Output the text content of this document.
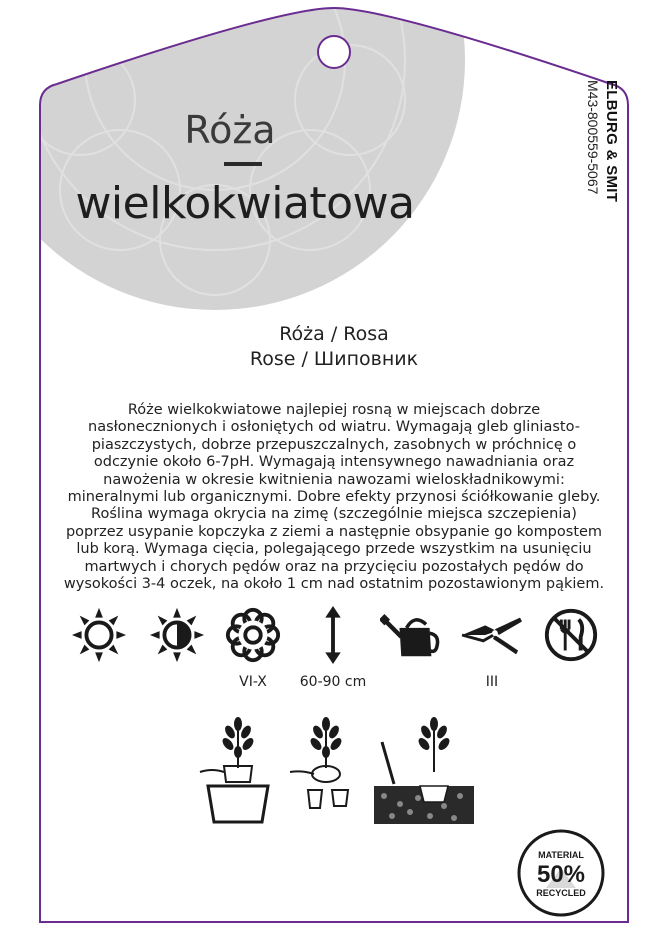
Róża
wielkokwiatowa
ELBURG & SMIT
M43-800559-5067
Róża / Rosa
Rose / Шиповник
Róże wielkokwiatowe najlepiej rosną w miejscach dobrze nasłonecznionych i osłoniętych od wiatru. Wymagają gleb gliniasto-piaszczystych, dobrze przepuszczalnych, zasobnych w próchnicę o odczynie około 6-7pH. Wymagają intensywnego nawadniania oraz nawożenia w okresie kwitnienia nawozami wieloskładnikowymi: mineralnymi lub organicznymi. Dobre efekty przynosi ściółkowanie gleby. Roślina wymaga okrycia na zimę (szczególnie miejsca szczepienia) poprzez usypanie kopczyka z ziemi a następnie obsypanie go kompostem lub korą. Wymaga cięcia, polegającego przede wszystkim na usunięciu martwych i chorych pędów oraz na przycięciu pozostałych pędów do wysokości 3-4 oczek, na około 1 cm nad ostatnim pozostawionym pąkiem.
VI-X	60-90 cm	III
MATERIAL
50%
RECYCLED
